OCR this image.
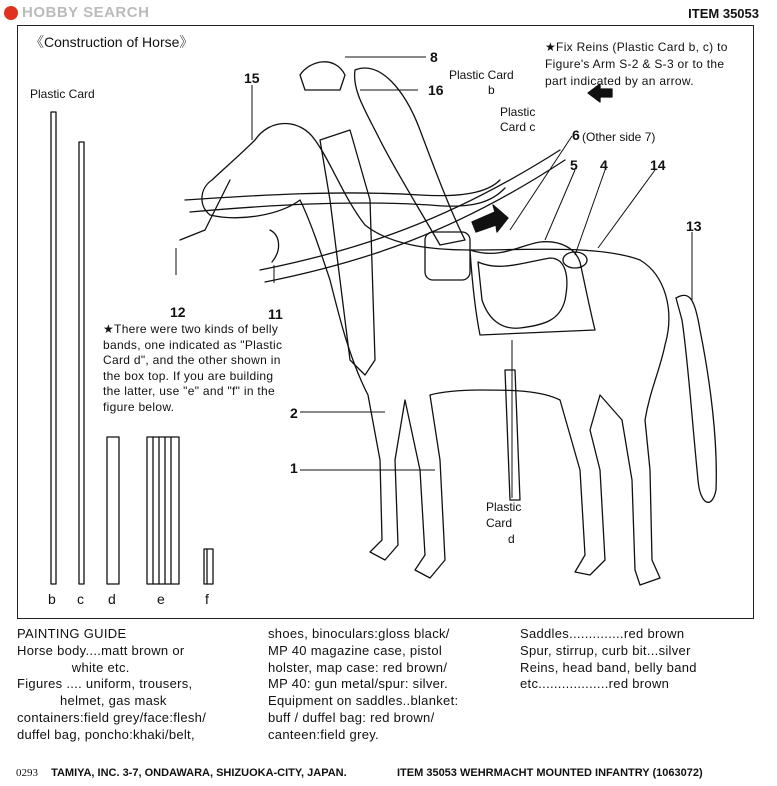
HOBBY SEARCH	ITEM 35053
《Construction of Horse》
Plastic Card
b c d	e	f
8
15
16
6 (Other side 7)
5 4	14
13
12	11
2
1
Plastic Card
b
Plastic
Card c
Plastic
Card
d
★Fix Reins (Plastic Card b, c) to Figure's Arm S-2 & S-3 or to the part indicated by an arrow.
★There were two kinds of belly bands, one indicated as "Plastic Card d", and the other shown in the box top. If you are building the latter, use "e" and "f" in the figure below.

PAINTING GUIDE

Horse body....matt brown or

white etc.

Figures .... uniform, trousers,

helmet, gas mask

containers:field grey/face:flesh/

duffel bag, poncho:khaki/belt,

shoes, binoculars:gloss black/

MP 40 magazine case, pistol

holster, map case: red brown/

MP 40: gun metal/spur: silver.

Equipment on saddles..blanket:

buff / duffel bag: red brown/

canteen:field grey.

Saddles..............red brown

Spur, stirrup, curb bit...silver

Reins, head band, belly band

etc..................red brown

0293 TAMIYA, INC. 3-7, ONDAWARA, SHIZUOKA-CITY, JAPAN.	ITEM 35053 WEHRMACHT MOUNTED INFANTRY (1063072)
